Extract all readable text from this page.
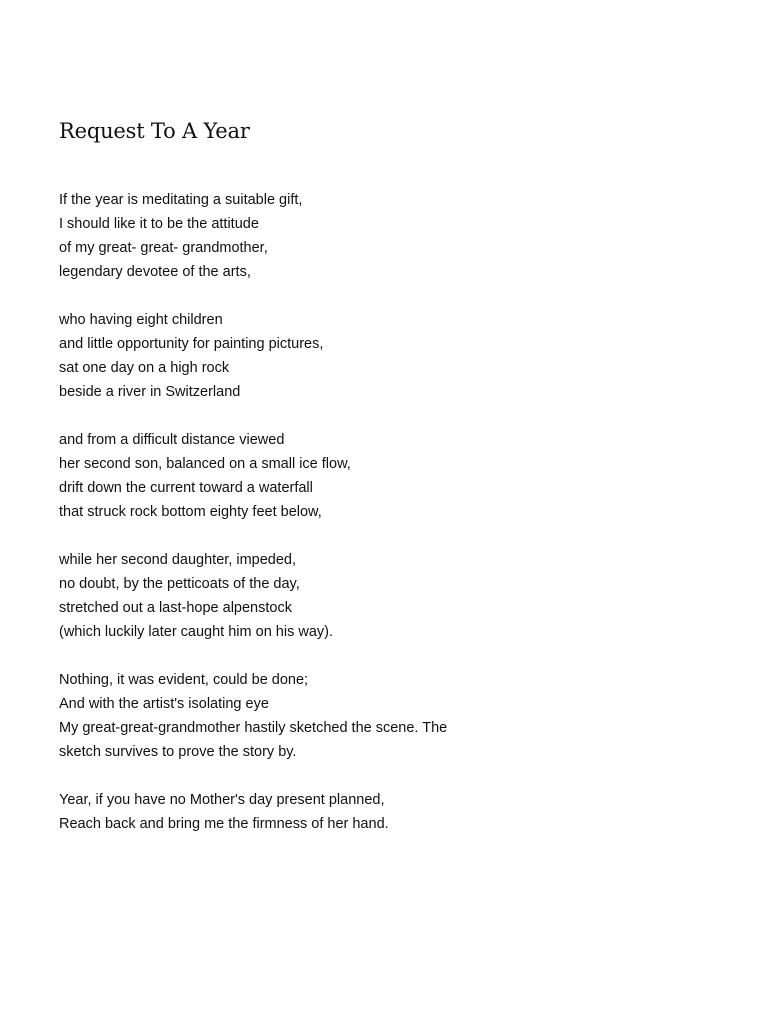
Request To A Year
If the year is meditating a suitable gift,
I should like it to be the attitude
of my great- great- grandmother,
legendary devotee of the arts,
who having eight children
and little opportunity for painting pictures,
sat one day on a high rock
beside a river in Switzerland
and from a difficult distance viewed
her second son, balanced on a small ice flow,
drift down the current toward a waterfall
that struck rock bottom eighty feet below,
while her second daughter, impeded,
no doubt, by the petticoats of the day,
stretched out a last-hope alpenstock
(which luckily later caught him on his way).
Nothing, it was evident, could be done;
And with the artist's isolating eye
My great-great-grandmother hastily sketched the scene. The
sketch survives to prove the story by.
Year, if you have no Mother's day present planned,
Reach back and bring me the firmness of her hand.
